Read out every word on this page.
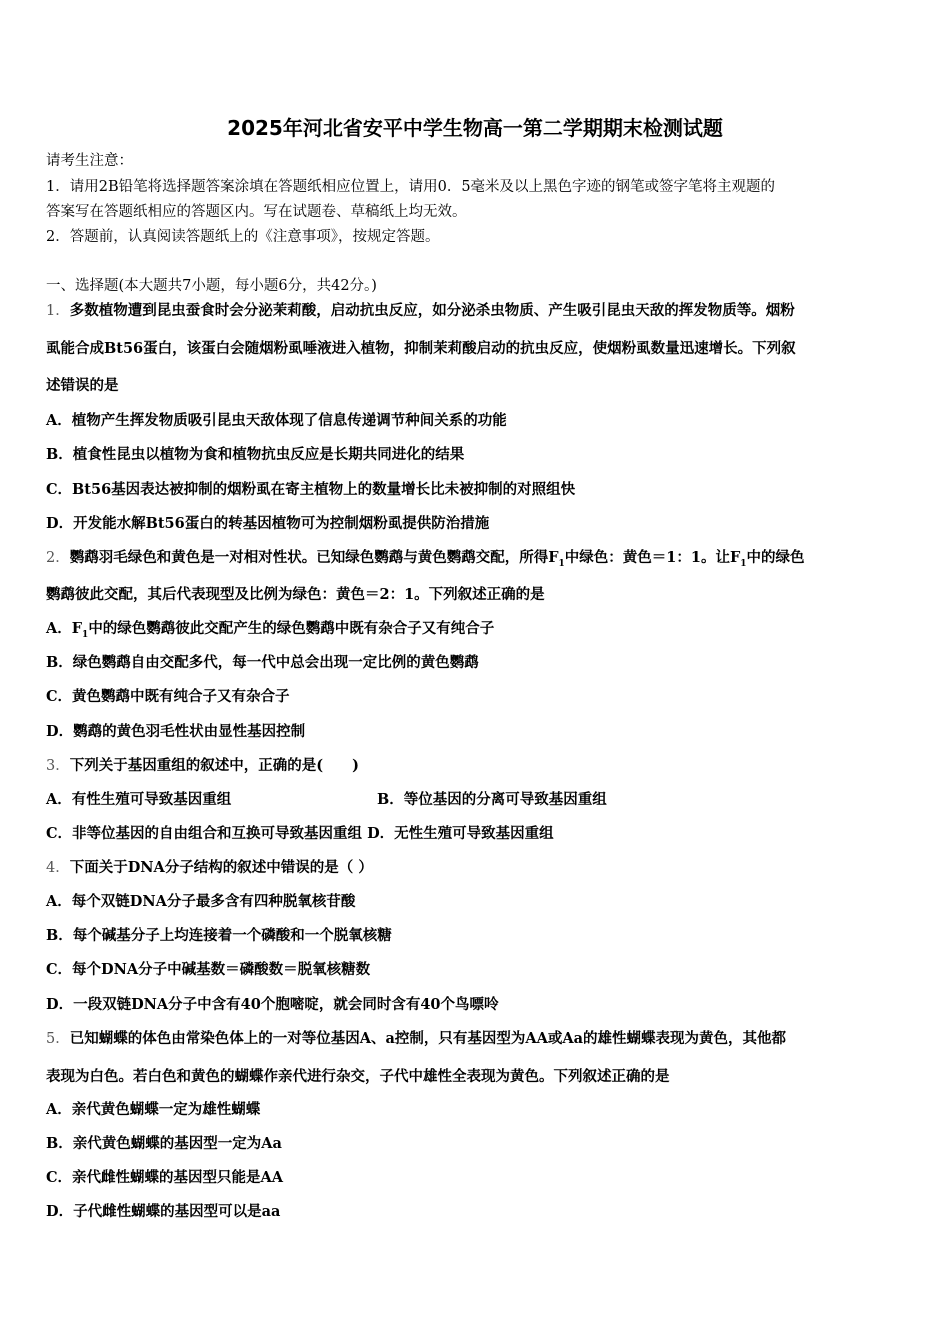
2025年河北省安平中学生物高一第二学期期末检测试题
请考生注意：
1．请用2B铅笔将选择题答案涂填在答题纸相应位置上，请用0．5毫米及以上黑色字迹的钢笔或签字笔将主观题的
答案写在答题纸相应的答题区内。写在试题卷、草稿纸上均无效。
2．答题前，认真阅读答题纸上的《注意事项》，按规定答题。
一、选择题(本大题共7小题，每小题6分，共42分。)
1．多数植物遭到昆虫蚕食时会分泌茉莉酸，启动抗虫反应，如分泌杀虫物质、产生吸引昆虫天敌的挥发物质等。烟粉
虱能合成Bt56蛋白，该蛋白会随烟粉虱唾液进入植物，抑制茉莉酸启动的抗虫反应，使烟粉虱数量迅速增长。下列叙
述错误的是
A．植物产生挥发物质吸引昆虫天敌体现了信息传递调节种间关系的功能
B．植食性昆虫以植物为食和植物抗虫反应是长期共同进化的结果
C．Bt56基因表达被抑制的烟粉虱在寄主植物上的数量增长比未被抑制的对照组快
D．开发能水解Bt56蛋白的转基因植物可为控制烟粉虱提供防治措施
2．鹦鹉羽毛绿色和黄色是一对相对性状。已知绿色鹦鹉与黄色鹦鹉交配，所得$F_1$中绿色：黄色＝1：1。让$F_1$中的绿色
鹦鹉彼此交配，其后代表现型及比例为绿色：黄色＝2：1。下列叙述正确的是
A．$F_1$中的绿色鹦鹉彼此交配产生的绿色鹦鹉中既有杂合子又有纯合子
B．绿色鹦鹉自由交配多代，每一代中总会出现一定比例的黄色鹦鹉
C．黄色鹦鹉中既有纯合子又有杂合子
D．鹦鹉的黄色羽毛性状由显性基因控制
3．下列关于基因重组的叙述中，正确的是(　　)
A．有性生殖可导致基因重组	B．等位基因的分离可导致基因重组
C．非等位基因的自由组合和互换可导致基因重组 D．无性生殖可导致基因重组
4．下面关于DNA分子结构的叙述中错误的是（ ）
A．每个双链DNA分子最多含有四种脱氧核苷酸
B．每个碱基分子上均连接着一个磷酸和一个脱氧核糖
C．每个DNA分子中碱基数＝磷酸数＝脱氧核糖数
D．一段双链DNA分子中含有40个胞嘧啶，就会同时含有40个鸟嘌呤
5．已知蝴蝶的体色由常染色体上的一对等位基因A、a控制，只有基因型为AA或Aa的雄性蝴蝶表现为黄色，其他都
表现为白色。若白色和黄色的蝴蝶作亲代进行杂交，子代中雄性全表现为黄色。下列叙述正确的是
A．亲代黄色蝴蝶一定为雄性蝴蝶
B．亲代黄色蝴蝶的基因型一定为Aa
C．亲代雌性蝴蝶的基因型只能是AA
D．子代雌性蝴蝶的基因型可以是aa
